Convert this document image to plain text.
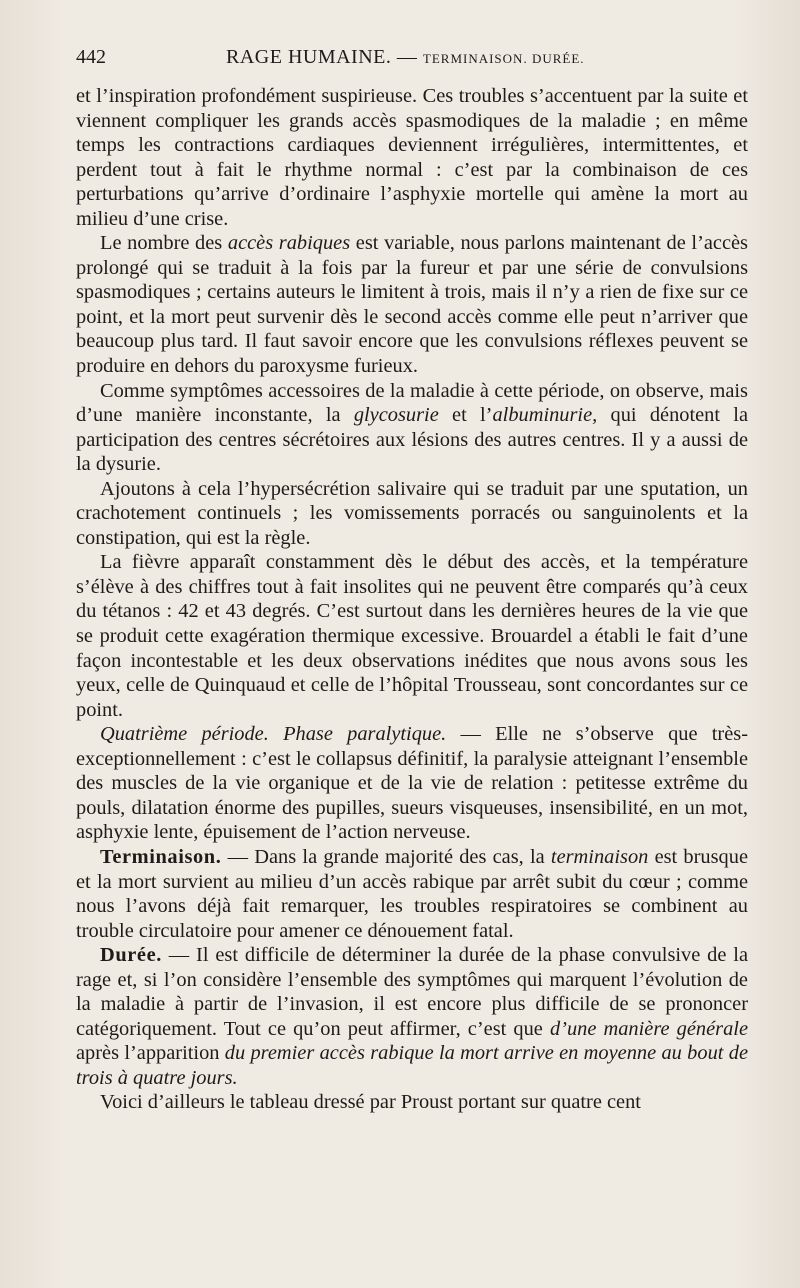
442	RAGE HUMAINE. — TERMINAISON. DURÉE.

et l’inspiration profondément suspirieuse. Ces troubles s’accentuent par la suite et viennent compliquer les grands accès spasmodiques de la maladie ; en même temps les contractions cardiaques deviennent irrégulières, intermittentes, et perdent tout à fait le rhythme normal : c’est par la combinaison de ces perturbations qu’arrive d’ordinaire l’asphyxie mortelle qui amène la mort au milieu d’une crise.

Le nombre des accès rabiques est variable, nous parlons maintenant de l’accès prolongé qui se traduit à la fois par la fureur et par une série de convulsions spasmodiques ; certains auteurs le limitent à trois, mais il n’y a rien de fixe sur ce point, et la mort peut survenir dès le second accès comme elle peut n’arriver que beaucoup plus tard. Il faut savoir encore que les convulsions réflexes peuvent se produire en dehors du paroxysme furieux.

Comme symptômes accessoires de la maladie à cette période, on observe, mais d’une manière inconstante, la glycosurie et l’albuminurie, qui dénotent la participation des centres sécrétoires aux lésions des autres centres. Il y a aussi de la dysurie.

Ajoutons à cela l’hypersécrétion salivaire qui se traduit par une sputation, un crachotement continuels ; les vomissements porracés ou sanguinolents et la constipation, qui est la règle.

La fièvre apparaît constamment dès le début des accès, et la température s’élève à des chiffres tout à fait insolites qui ne peuvent être comparés qu’à ceux du tétanos : 42 et 43 degrés. C’est surtout dans les dernières heures de la vie que se produit cette exagération thermique excessive. Brouardel a établi le fait d’une façon incontestable et les deux observations inédites que nous avons sous les yeux, celle de Quinquaud et celle de l’hôpital Trousseau, sont concordantes sur ce point.

Quatrième période. Phase paralytique. — Elle ne s’observe que très-exceptionnellement : c’est le collapsus définitif, la paralysie atteignant l’ensemble des muscles de la vie organique et de la vie de relation : petitesse extrême du pouls, dilatation énorme des pupilles, sueurs visqueuses, insensibilité, en un mot, asphyxie lente, épuisement de l’action nerveuse.

Terminaison. — Dans la grande majorité des cas, la terminaison est brusque et la mort survient au milieu d’un accès rabique par arrêt subit du cœur ; comme nous l’avons déjà fait remarquer, les troubles respiratoires se combinent au trouble circulatoire pour amener ce dénouement fatal.

Durée. — Il est difficile de déterminer la durée de la phase convulsive de la rage et, si l’on considère l’ensemble des symptômes qui marquent l’évolution de la maladie à partir de l’invasion, il est encore plus difficile de se prononcer catégoriquement. Tout ce qu’on peut affirmer, c’est que d’une manière générale après l’apparition du premier accès rabique la mort arrive en moyenne au bout de trois à quatre jours.

Voici d’ailleurs le tableau dressé par Proust portant sur quatre cent
